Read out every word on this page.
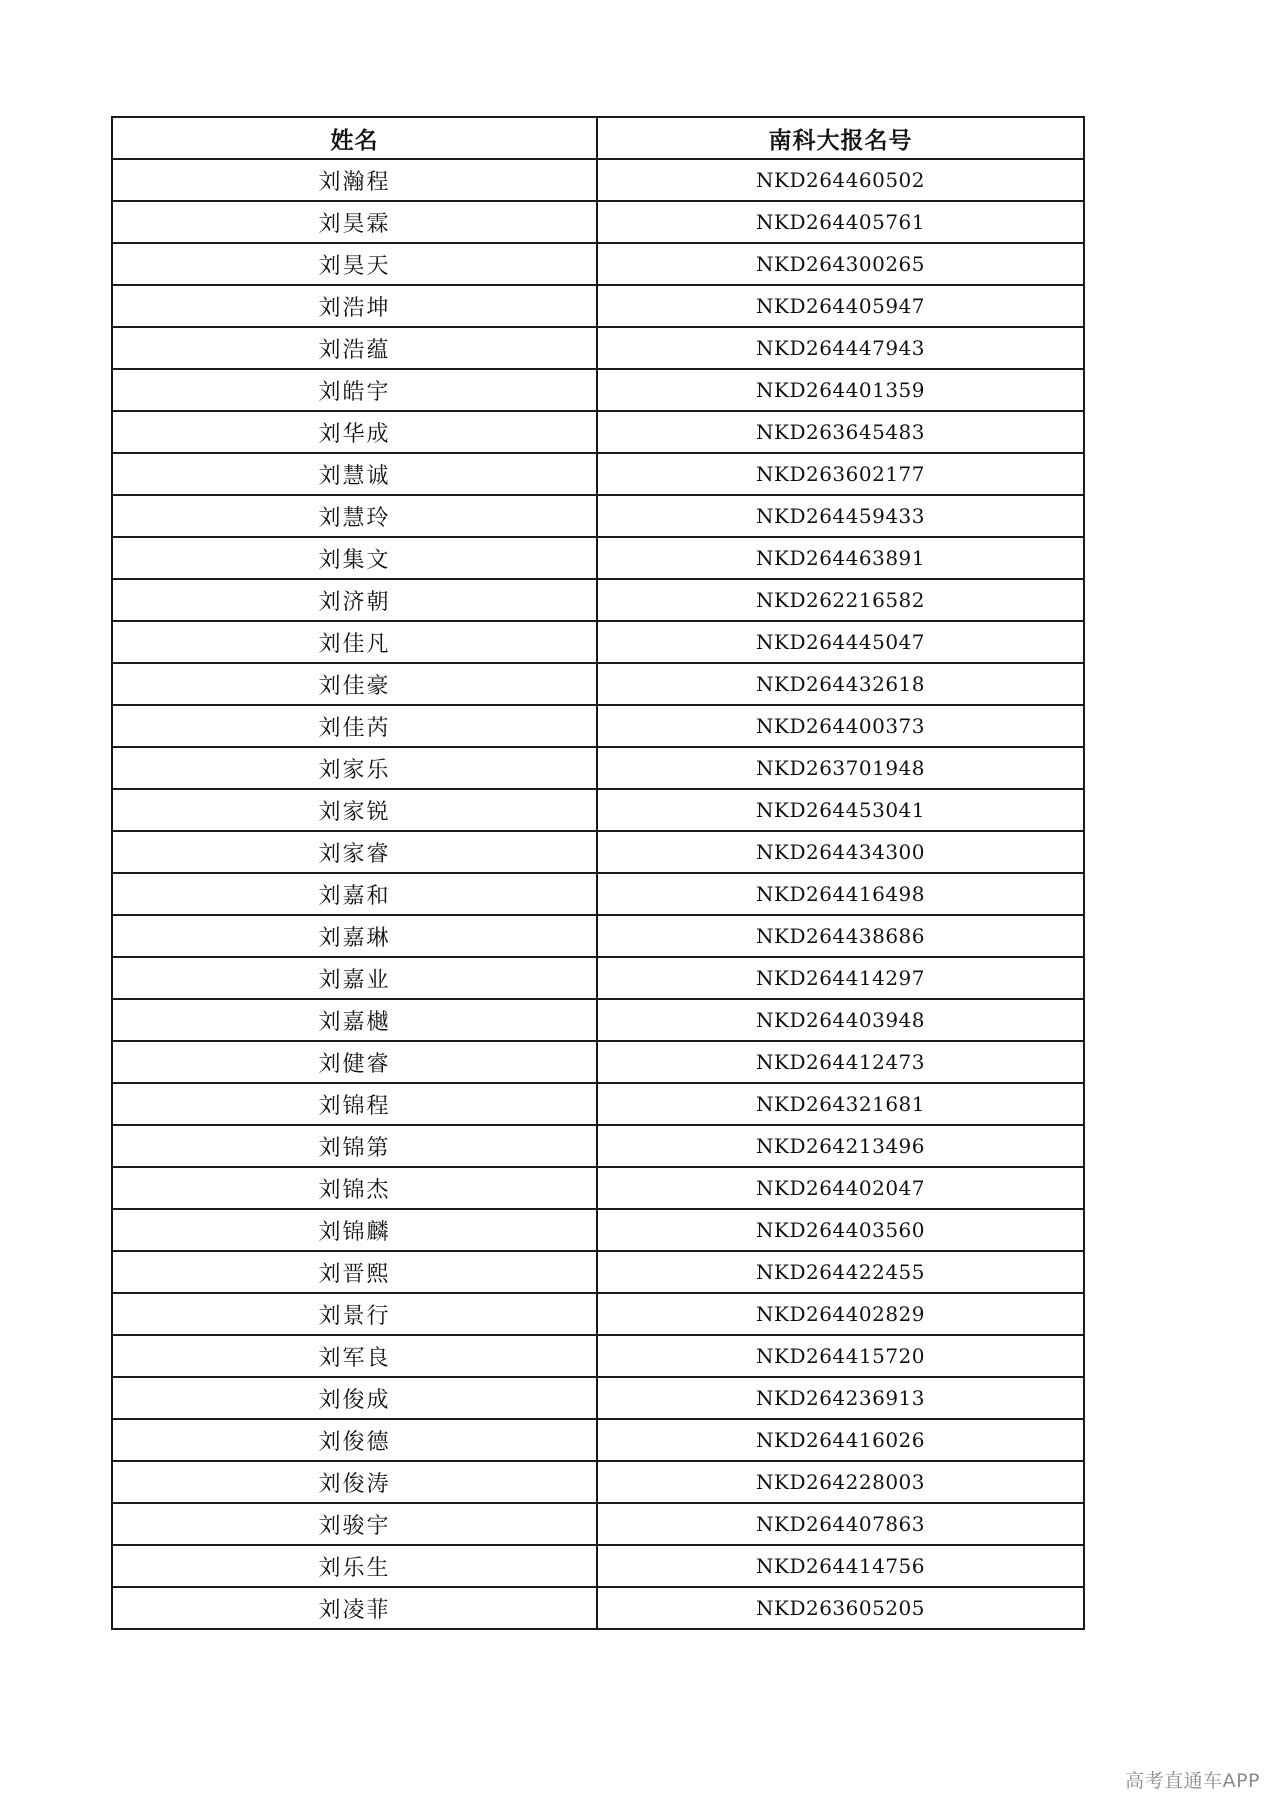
姓名	南科大报名号
刘瀚程	NKD264460502
刘昊霖	NKD264405761
刘昊天	NKD264300265
刘浩坤	NKD264405947
刘浩蕴	NKD264447943
刘皓宇	NKD264401359
刘华成	NKD263645483
刘慧诚	NKD263602177
刘慧玲	NKD264459433
刘集文	NKD264463891
刘济朝	NKD262216582
刘佳凡	NKD264445047
刘佳豪	NKD264432618
刘佳芮	NKD264400373
刘家乐	NKD263701948
刘家锐	NKD264453041
刘家睿	NKD264434300
刘嘉和	NKD264416498
刘嘉琳	NKD264438686
刘嘉业	NKD264414297
刘嘉樾	NKD264403948
刘健睿	NKD264412473
刘锦程	NKD264321681
刘锦第	NKD264213496
刘锦杰	NKD264402047
刘锦麟	NKD264403560
刘晋熙	NKD264422455
刘景行	NKD264402829
刘军良	NKD264415720
刘俊成	NKD264236913
刘俊德	NKD264416026
刘俊涛	NKD264228003
刘骏宇	NKD264407863
刘乐生	NKD264414756
刘凌菲	NKD263605205
高考直通车APP
